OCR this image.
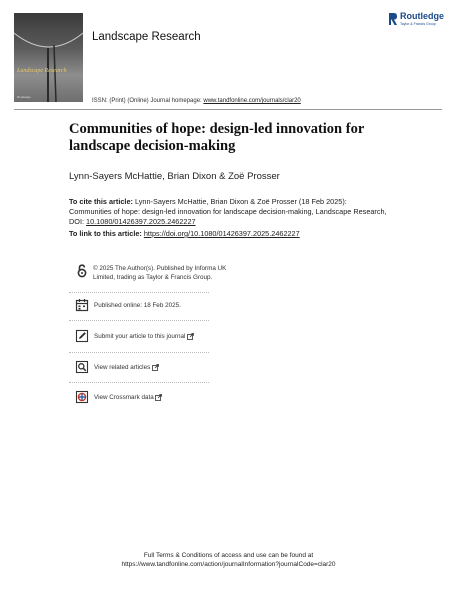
Landscape Research
Routledge
Landscape Research
Routledge
Taylor & Francis Group
ISSN: (Print) (Online) Journal homepage: www.tandfonline.com/journals/clar20
Communities of hope: design-led innovation for landscape decision-making
Lynn-Sayers McHattie, Brian Dixon & Zoë Prosser
To cite this article: Lynn-Sayers McHattie, Brian Dixon & Zoë Prosser (18 Feb 2025): Communities of hope: design-led innovation for landscape decision-making, Landscape Research, DOI: 10.1080/01426397.2025.2462227
To link to this article: https://doi.org/10.1080/01426397.2025.2462227
© 2025 The Author(s). Published by Informa UK Limited, trading as Taylor & Francis Group.
Published online: 18 Feb 2025.
Submit your article to this journal
View related articles
View Crossmark data
Full Terms & Conditions of access and use can be found at
https://www.tandfonline.com/action/journalInformation?journalCode=clar20
